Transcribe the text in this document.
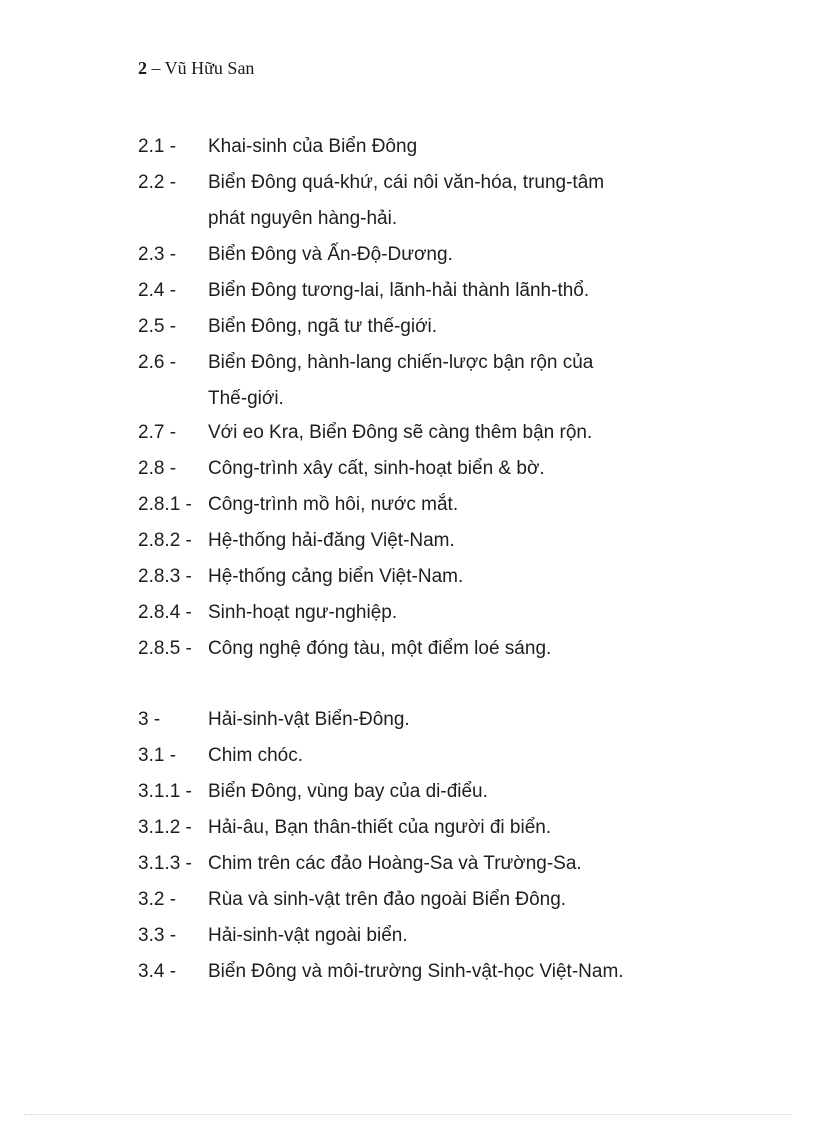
2 – Vũ Hữu San
2.1 -	Khai-sinh của Biển Đông
2.2 -	Biển Đông quá-khứ, cái nôi văn-hóa, trung-tâm
phát nguyên hàng-hải.
2.3 -	Biển Đông và Ấn-Độ-Dương.
2.4 -	Biển Đông tương-lai, lãnh-hải thành lãnh-thổ.
2.5 -	Biển Đông, ngã tư thế-giới.
2.6 -	Biển Đông, hành-lang chiến-lược bận rộn của
Thế-giới.
2.7 -	Với eo Kra, Biển Đông sẽ càng thêm bận rộn.
2.8 -	Công-trình xây cất, sinh-hoạt biển & bờ.
2.8.1 - Công-trình mồ hôi, nước mắt.
2.8.2 - Hệ-thống hải-đăng Việt-Nam.
2.8.3 - Hệ-thống cảng biển Việt-Nam.
2.8.4 - Sinh-hoạt ngư-nghiệp.
2.8.5 - Công nghệ đóng tàu, một điểm loé sáng.
3 -	Hải-sinh-vật Biển-Đông.
3.1 -	Chim chóc.
3.1.1 - Biển Đông, vùng bay của di-điểu.
3.1.2 - Hải-âu, Bạn thân-thiết của người đi biển.
3.1.3 - Chim trên các đảo Hoàng-Sa và Trường-Sa.
3.2 -	Rùa và sinh-vật trên đảo ngoài Biển Đông.
3.3 -	Hải-sinh-vật ngoài biển.
3.4 -	Biển Đông và môi-trường Sinh-vật-học Việt-Nam.
